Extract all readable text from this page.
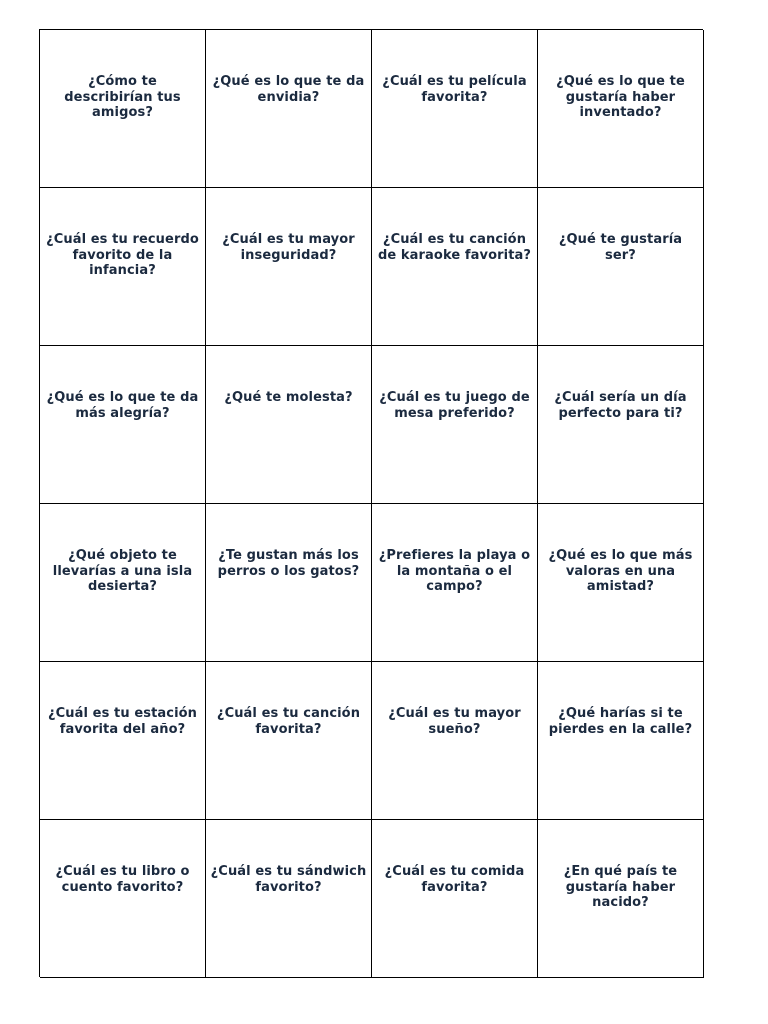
¿Cómo te describirían tus amigos?
¿Qué es lo que te da envidia?
¿Cuál es tu película favorita?
¿Qué es lo que te gustaría haber inventado?
¿Cuál es tu recuerdo favorito de la infancia?
¿Cuál es tu mayor inseguridad?
¿Cuál es tu canción de karaoke favorita?
¿Qué te gustaría ser?
¿Qué es lo que te da más alegría?
¿Qué te molesta?	¿Cuál es tu juego de mesa preferido?
¿Cuál sería un día perfecto para ti?
¿Qué objeto te llevarías a una isla desierta?
¿Te gustan más los perros o los gatos?
¿Prefieres la playa o la montaña o el campo?
¿Qué es lo que más valoras en una amistad?
¿Cuál es tu estación favorita del año?
¿Cuál es tu canción favorita?
¿Cuál es tu mayor sueño?
¿Qué harías si te pierdes en la calle?
¿Cuál es tu libro o cuento favorito?
¿Cuál es tu sándwich favorito?
¿Cuál es tu comida favorita?
¿En qué país te gustaría haber nacido?
